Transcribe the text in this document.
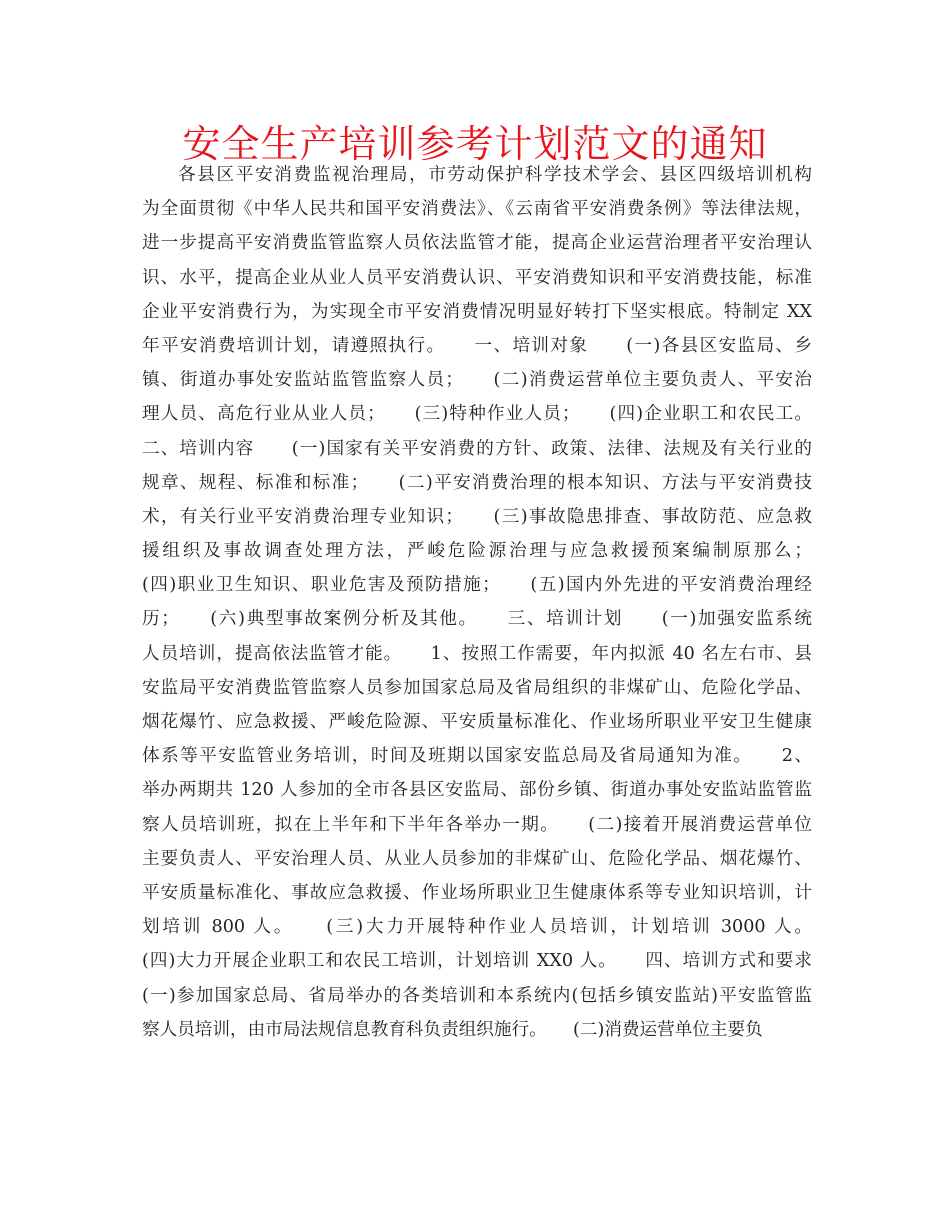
安全生产培训参考计划范文的通知
各县区平安消费监视治理局，市劳动保护科学技术学会、县区四级培训机构
为全面贯彻《中华人民共和国平安消费法》、《云南省平安消费条例》等法律法规，
进一步提高平安消费监管监察人员依法监管才能，提高企业运营治理者平安治理认
识、水平，提高企业从业人员平安消费认识、平安消费知识和平安消费技能，标准
企业平安消费行为，为实现全市平安消费情况明显好转打下坚实根底。特制定 XX
年平安消费培训计划，请遵照执行。　　一、培训对象　　(一)各县区安监局、乡
镇、街道办事处安监站监管监察人员；　　(二)消费运营单位主要负责人、平安治
理人员、高危行业从业人员；　　(三)特种作业人员；　　(四)企业职工和农民工。
二、培训内容　　(一)国家有关平安消费的方针、政策、法律、法规及有关行业的
规章、规程、标准和标准；　　(二)平安消费治理的根本知识、方法与平安消费技
术，有关行业平安消费治理专业知识；　　(三)事故隐患排查、事故防范、应急救
援组织及事故调查处理方法，严峻危险源治理与应急救援预案编制原那么；
(四)职业卫生知识、职业危害及预防措施；　　(五)国内外先进的平安消费治理经
历；　　(六)典型事故案例分析及其他。　　三、培训计划　　(一)加强安监系统
人员培训，提高依法监管才能。　　1、按照工作需要，年内拟派 40 名左右市、县
安监局平安消费监管监察人员参加国家总局及省局组织的非煤矿山、危险化学品、
烟花爆竹、应急救援、严峻危险源、平安质量标准化、作业场所职业平安卫生健康
体系等平安监管业务培训，时间及班期以国家安监总局及省局通知为准。　　2、
举办两期共 120 人参加的全市各县区安监局、部份乡镇、街道办事处安监站监管监
察人员培训班，拟在上半年和下半年各举办一期。　　(二)接着开展消费运营单位
主要负责人、平安治理人员、从业人员参加的非煤矿山、危险化学品、烟花爆竹、
平安质量标准化、事故应急救援、作业场所职业卫生健康体系等专业知识培训，计
划培训 800 人。　　(三)大力开展特种作业人员培训，计划培训 3000 人。
(四)大力开展企业职工和农民工培训，计划培训 XX0 人。　　四、培训方式和要求
(一)参加国家总局、省局举办的各类培训和本系统内(包括乡镇安监站)平安监管监
察人员培训，由市局法规信息教育科负责组织施行。　　(二)消费运营单位主要负
